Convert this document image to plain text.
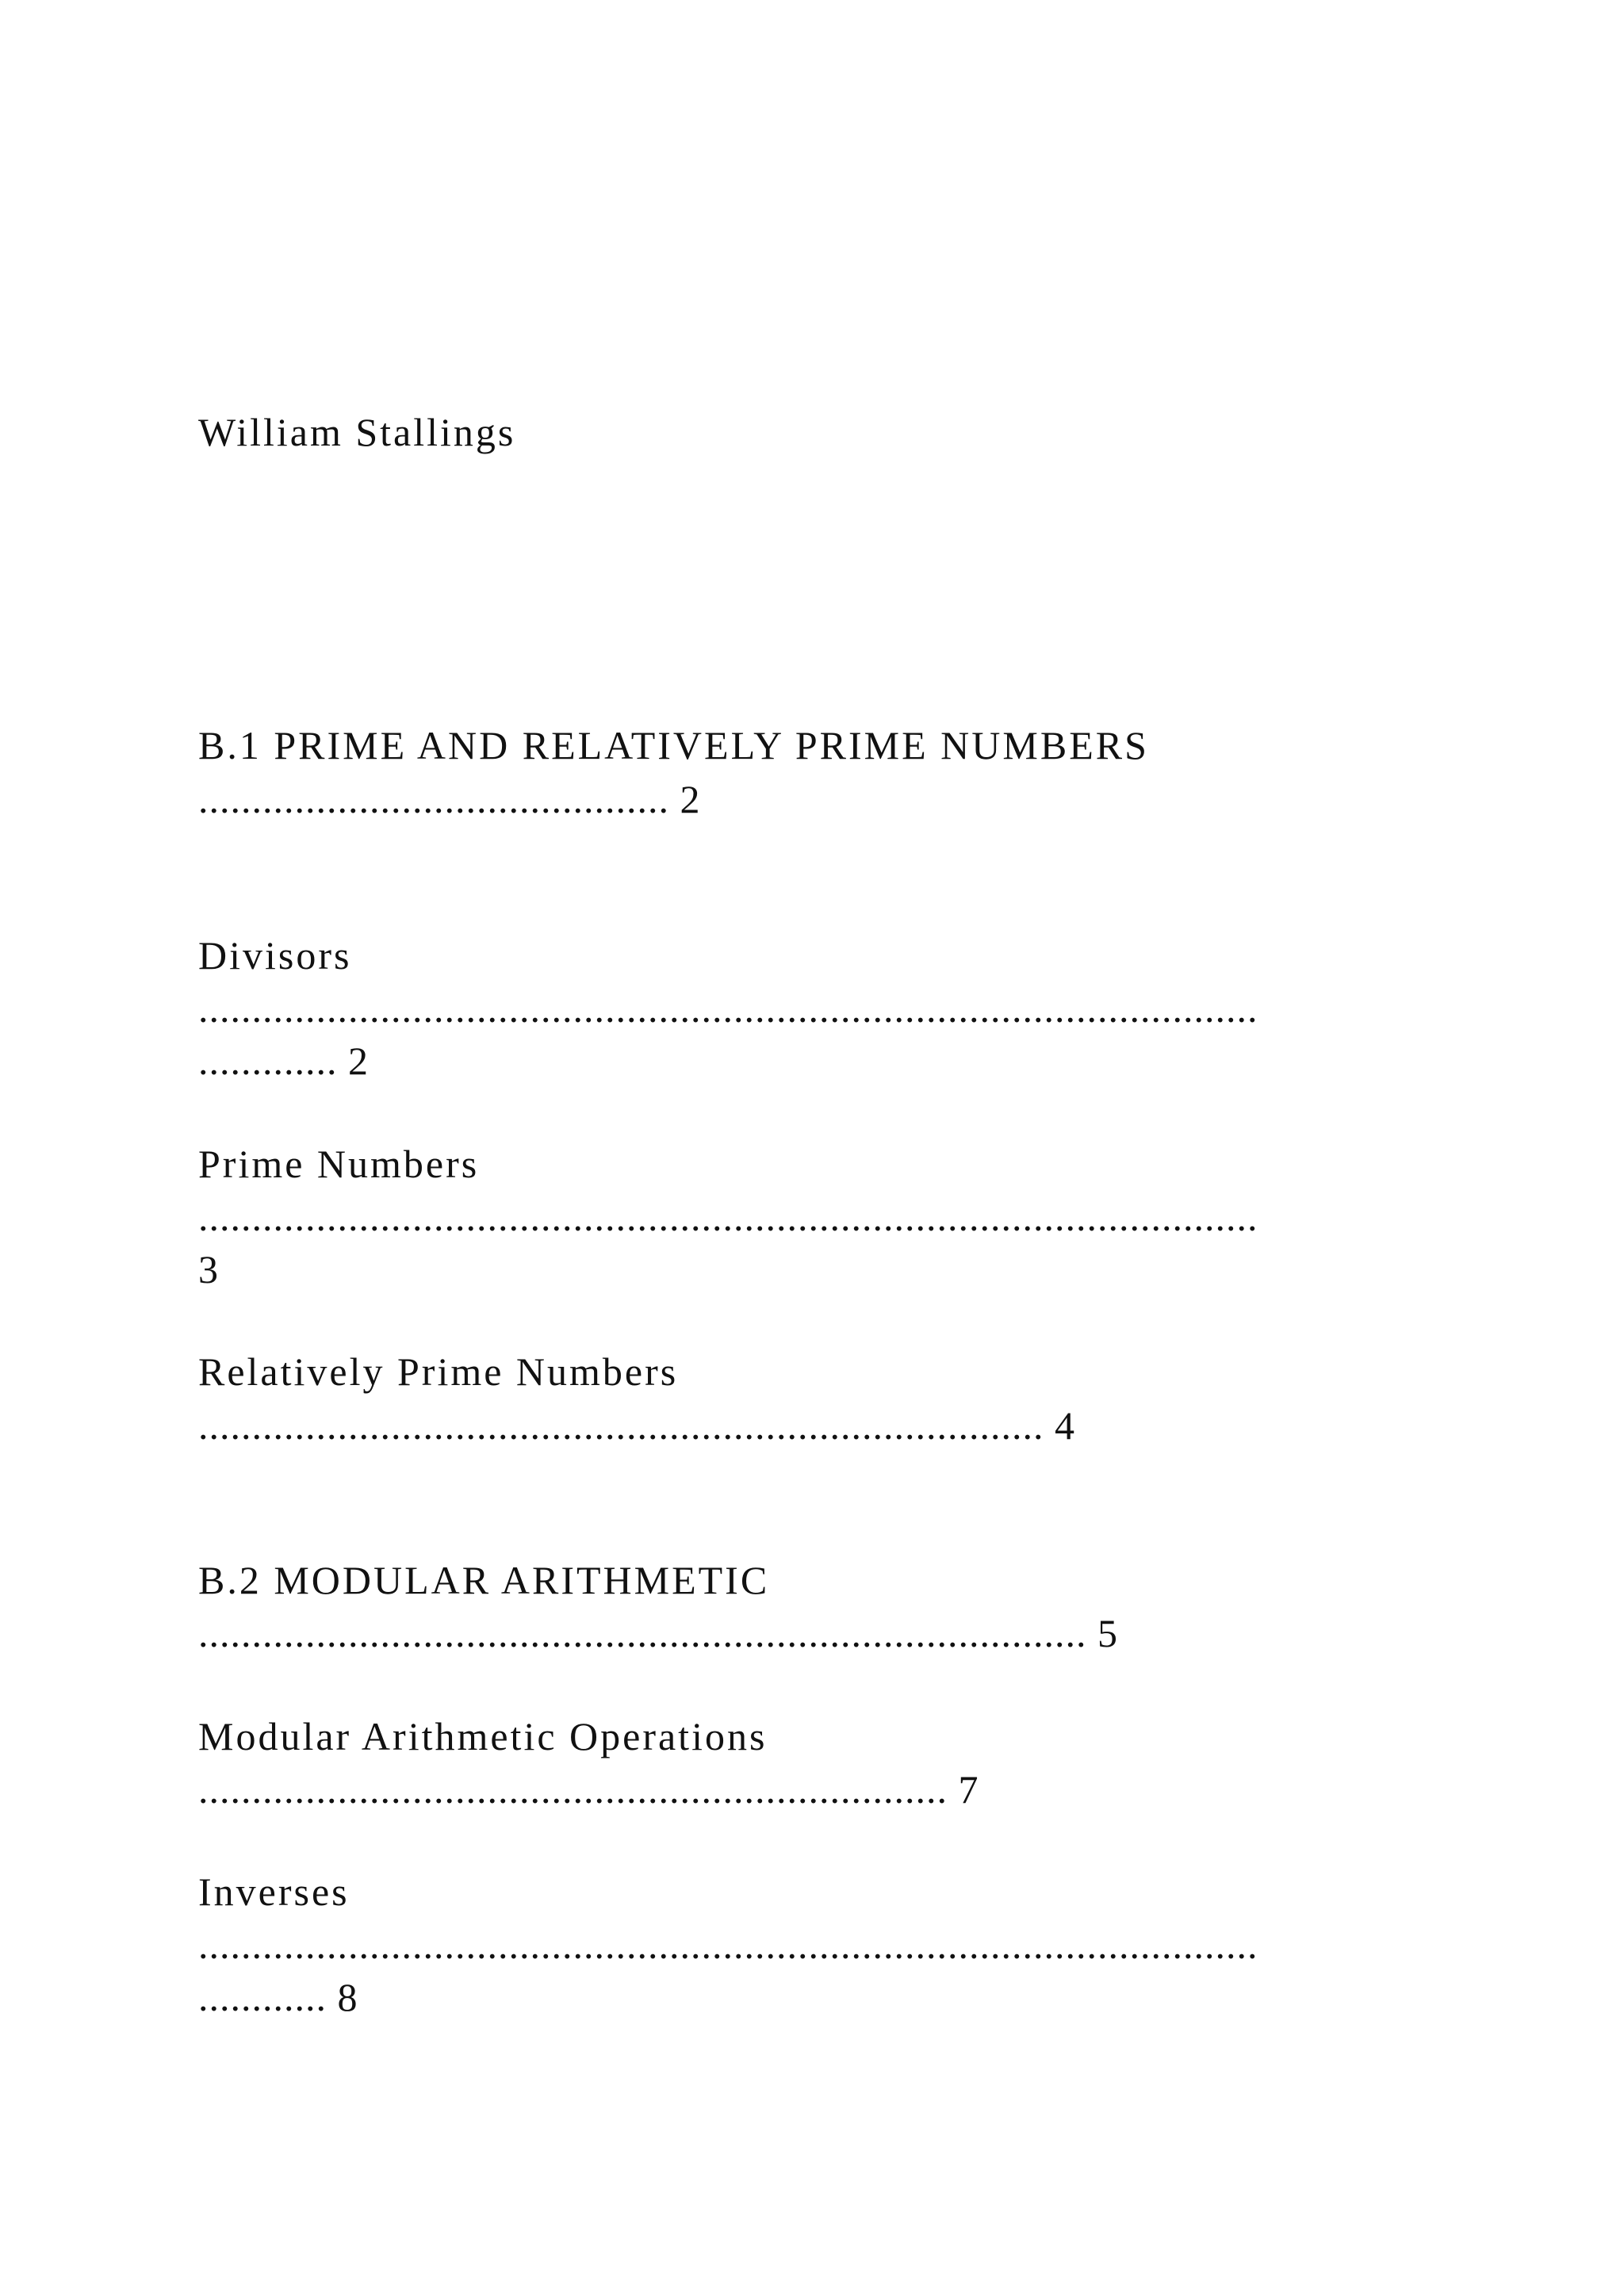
William Stallings
B.1 PRIME AND RELATIVELY PRIME NUMBERS
............................................ 2
Divisors
...................................................................................................
............. 2
Prime Numbers
...................................................................................................
3
Relatively Prime Numbers
............................................................................... 4
B.2 MODULAR ARITHMETIC
................................................................................... 5
Modular Arithmetic Operations
...................................................................... 7
Inverses
...................................................................................................
............ 8
